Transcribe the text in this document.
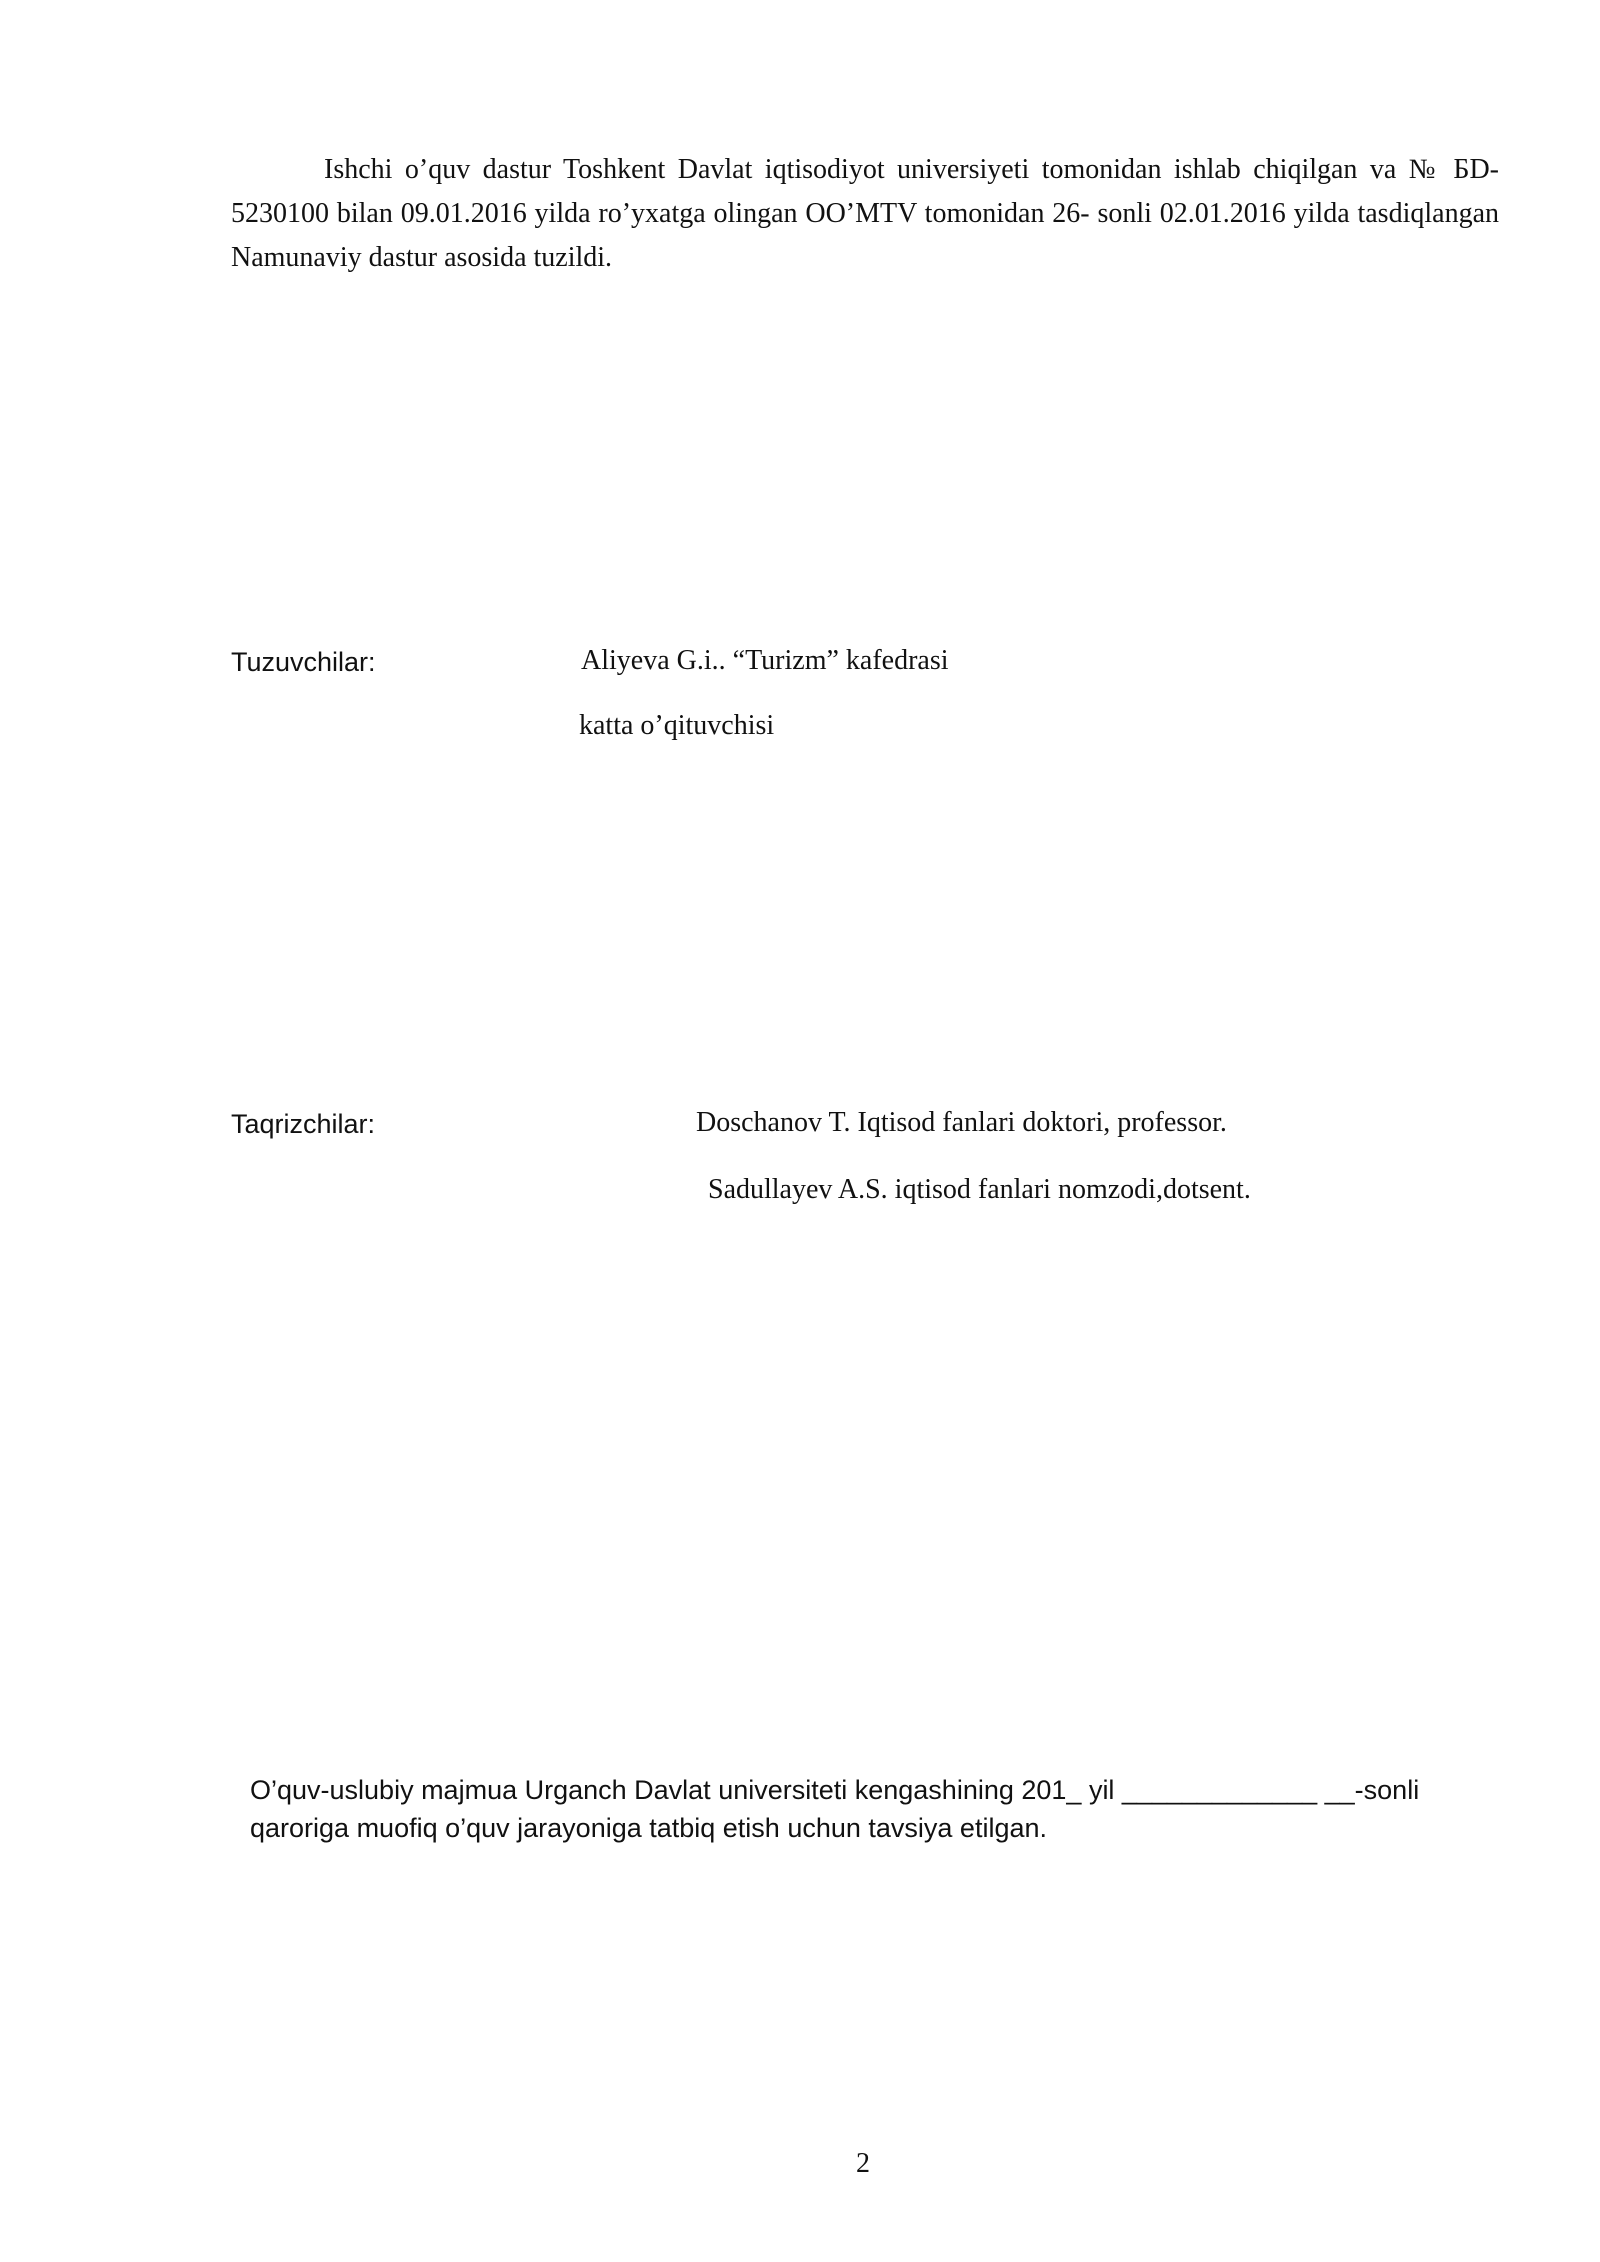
Ishchi o’quv dastur Toshkent Davlat iqtisodiyot universiyeti tomonidan ishlab chiqilgan va № БD-5230100 bilan 09.01.2016 yilda ro’yxatga olingan OO’MTV tomonidan 26- sonli 02.01.2016 yilda tasdiqlangan Namunaviy dastur asosida tuzildi.

Tuzuvchilar:	Aliyeva G.i.. “Turizm” kafedrasi
katta o’qituvchisi
Taqrizchilar:	Doschanov T. Iqtisod fanlari doktori, professor.
Sadullayev A.S. iqtisod fanlari nomzodi,dotsent.

O’quv-uslubiy majmua Urganch Davlat universiteti kengashining 201_ yil _____________ __-sonli qaroriga muofiq o’quv jarayoniga tatbiq etish uchun tavsiya etilgan.

2
